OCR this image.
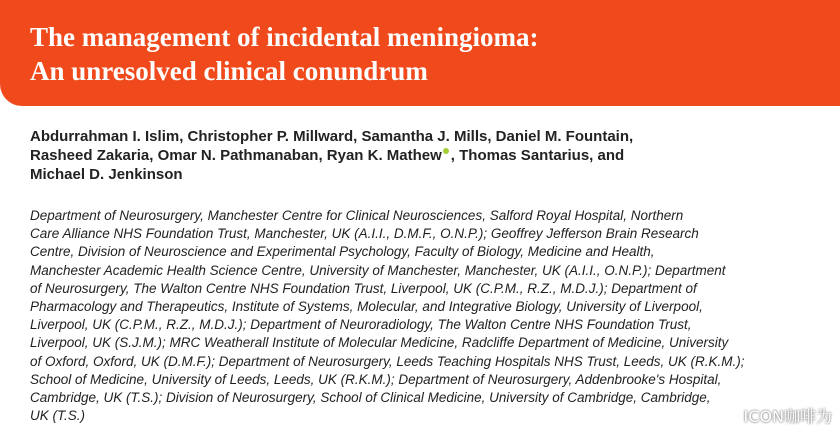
The management of incidental meningioma:
An unresolved clinical conundrum
Abdurrahman I. Islim, Christopher P. Millward, Samantha J. Mills, Daniel M. Fountain,
Rasheed Zakaria, Omar N. Pathmanaban, Ryan K. Mathew , Thomas Santarius, and
Michael D. Jenkinson
Department of Neurosurgery, Manchester Centre for Clinical Neurosciences, Salford Royal Hospital, Northern
Care Alliance NHS Foundation Trust, Manchester, UK (A.I.I., D.M.F., O.N.P.); Geoffrey Jefferson Brain Research
Centre, Division of Neuroscience and Experimental Psychology, Faculty of Biology, Medicine and Health,
Manchester Academic Health Science Centre, University of Manchester, Manchester, UK (A.I.I., O.N.P.); Department
of Neurosurgery, The Walton Centre NHS Foundation Trust, Liverpool, UK (C.P.M., R.Z., M.D.J.); Department of
Pharmacology and Therapeutics, Institute of Systems, Molecular, and Integrative Biology, University of Liverpool,
Liverpool, UK (C.P.M., R.Z., M.D.J.); Department of Neuroradiology, The Walton Centre NHS Foundation Trust,
Liverpool, UK (S.J.M.); MRC Weatherall Institute of Molecular Medicine, Radcliffe Department of Medicine, University
of Oxford, Oxford, UK (D.M.F.); Department of Neurosurgery, Leeds Teaching Hospitals NHS Trust, Leeds, UK (R.K.M.);
School of Medicine, University of Leeds, Leeds, UK (R.K.M.); Department of Neurosurgery, Addenbrooke's Hospital,
Cambridge, UK (T.S.); Division of Neurosurgery, School of Clinical Medicine, University of Cambridge, Cambridge,
UK (T.S.)	ICON咖啡为
